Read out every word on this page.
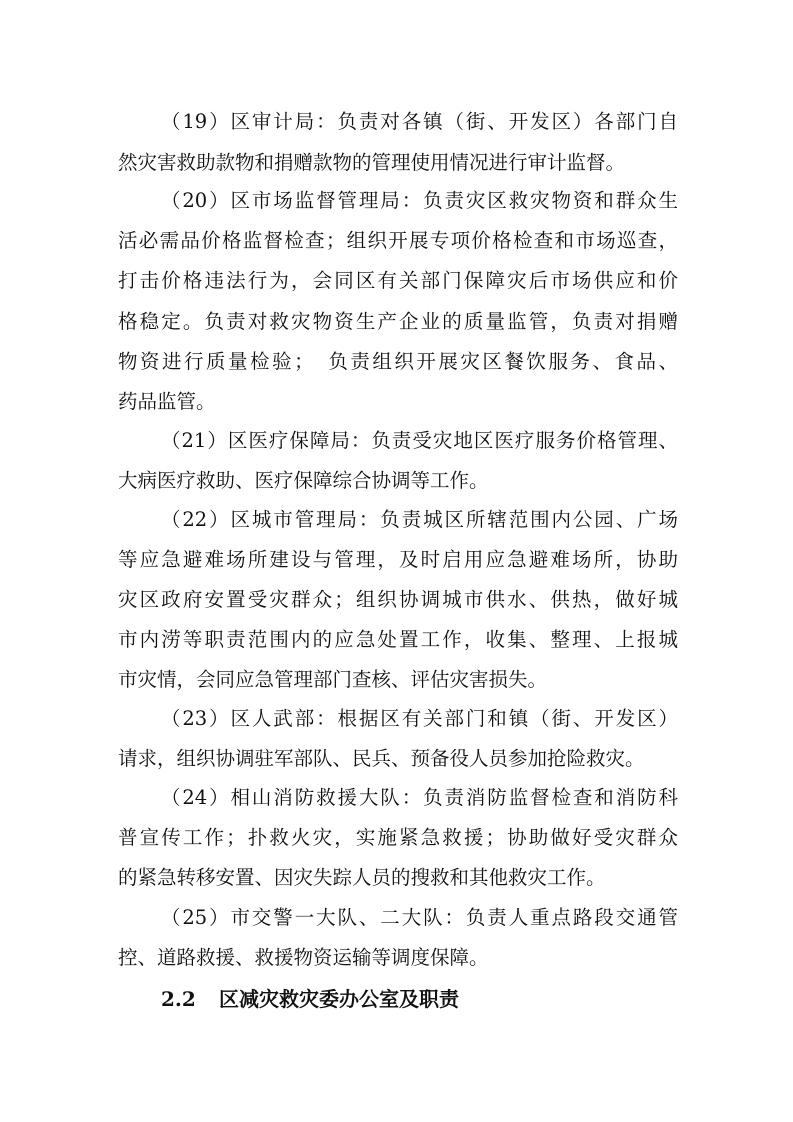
（19）区审计局：负责对各镇（街、开发区）各部门自
然灾害救助款物和捐赠款物的管理使用情况进行审计监督。
（20）区市场监督管理局：负责灾区救灾物资和群众生
活必需品价格监督检查；组织开展专项价格检查和市场巡查，
打击价格违法行为，会同区有关部门保障灾后市场供应和价
格稳定。负责对救灾物资生产企业的质量监管，负责对捐赠
物资进行质量检验；　负责组织开展灾区餐饮服务、食品、
药品监管。
（21）区医疗保障局：负责受灾地区医疗服务价格管理、
大病医疗救助、医疗保障综合协调等工作。
（22）区城市管理局：负责城区所辖范围内公园、广场
等应急避难场所建设与管理，及时启用应急避难场所，协助
灾区政府安置受灾群众；组织协调城市供水、供热，做好城
市内涝等职责范围内的应急处置工作，收集、整理、上报城
市灾情，会同应急管理部门查核、评估灾害损失。
（23）区人武部：根据区有关部门和镇（街、开发区）
请求，组织协调驻军部队、民兵、预备役人员参加抢险救灾。
（24）相山消防救援大队：负责消防监督检查和消防科
普宣传工作；扑救火灾，实施紧急救援；协助做好受灾群众
的紧急转移安置、因灾失踪人员的搜救和其他救灾工作。
（25）市交警一大队、二大队：负责人重点路段交通管
控、道路救援、救援物资运输等调度保障。
2.2 区减灾救灾委办公室及职责
